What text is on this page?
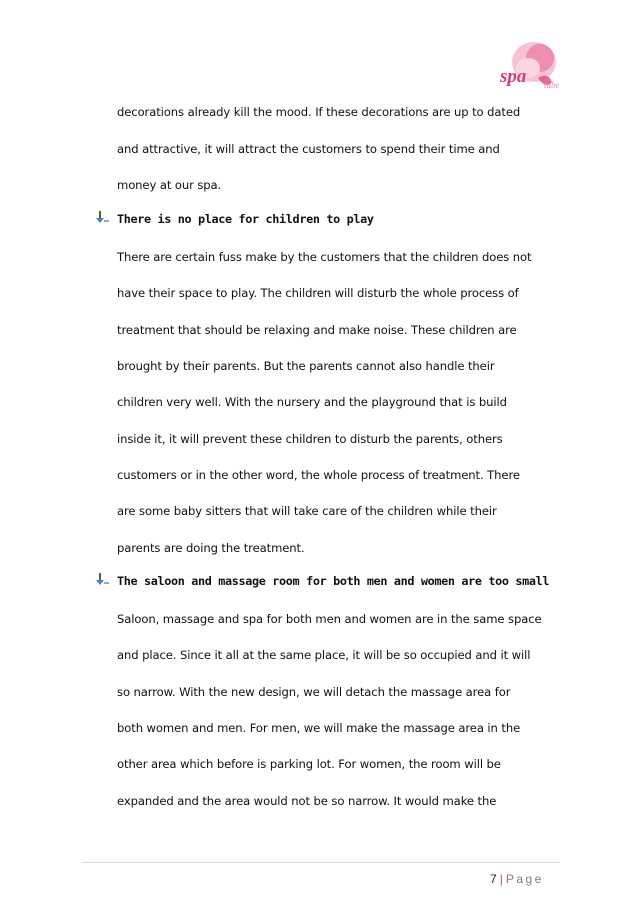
spa tube
decorations already kill the mood. If these decorations are up to dated
and attractive, it will attract the customers to spend their time and
money at our spa.
There is no place for children to play
There are certain fuss make by the customers that the children does not
have their space to play. The children will disturb the whole process of
treatment that should be relaxing and make noise. These children are
brought by their parents. But the parents cannot also handle their
children very well. With the nursery and the playground that is build
inside it, it will prevent these children to disturb the parents, others
customers or in the other word, the whole process of treatment. There
are some baby sitters that will take care of the children while their
parents are doing the treatment.
The saloon and massage room for both men and women are too small
Saloon, massage and spa for both men and women are in the same space
and place. Since it all at the same place, it will be so occupied and it will
so narrow. With the new design, we will detach the massage area for
both women and men. For men, we will make the massage area in the
other area which before is parking lot. For women, the room will be
expanded and the area would not be so narrow. It would make the
7 | Page
